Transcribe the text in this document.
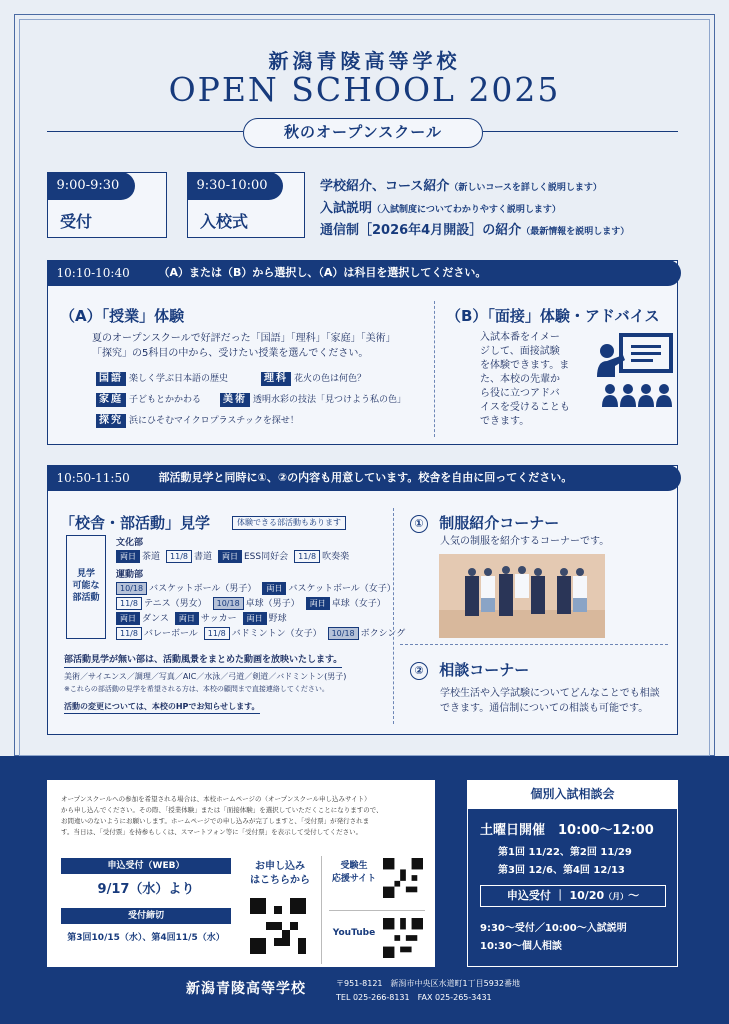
新潟青陵高等学校
OPEN SCHOOL 2025
秋のオープンスクール
9:00-9:30
受付
9:30-10:00
入校式
学校紹介、コース紹介（新しいコースを詳しく説明します）
入試説明（入試制度についてわかりやすく説明します）
通信制［2026年4月開設］の紹介（最新情報を説明します）
10:10-10:40	（A）または（B）から選択し、（A）は科目を選択してください。
（A）「授業」体験
夏のオープンスクールで好評だった「国語」「理科」「家庭」「美術」
「探究」の5科目の中から、受けたい授業を選んでください。
国語 楽しく学ぶ日本語の歴史	理科 花火の色は何色？
家庭 子どもとかかわる	美術 透明水彩の技法「見つけよう私の色」
探究 浜にひそむマイクロプラスチックを探せ！
（B）「面接」体験・アドバイス
入試本番をイメー
ジして、面接試験
を体験できます。ま
た、本校の先輩か
ら役に立つアドバ
イスを受けることも
できます。
10:50-11:50	部活動見学と同時に①、②の内容も用意しています。校舎を自由に回ってください。
「校舎・部活動」見学	体験できる部活動もあります
見学
可能な
部活動
文化部
両日 茶道 11/8 書道 両日 ESS同好会 11/8 吹奏楽
運動部
10/18 バスケットボール（男子） 両日 バスケットボール（女子）
11/8 テニス（男女） 10/18 卓球（男子） 両日 卓球（女子）
両日 ダンス 両日 サッカー 両日 野球
11/8 バレーボール 11/8 バドミントン（女子） 10/18 ボクシング
部活動見学が無い部は、活動風景をまとめた動画を放映いたします。
美術／サイエンス／調理／写真／AIC／水泳／弓道／剣道／バドミントン(男子)
※これらの部活動の見学を希望される方は、本校の顧問まで直接連絡してください。
活動の変更については、本校のHPでお知らせします。
① 制服紹介コーナー
人気の制服を紹介するコーナーです。
② 相談コーナー
学校生活や入学試験についてどんなことでも相談
できます。通信制についての相談も可能です。
オープンスクールへの参加を希望される場合は、本校ホームページの（オープンスクール申し込みサイト）
から申し込んでください。その際、「授業体験」または「面接体験」を選択していただくことになりますので、
お間違いのないようにお願いします。ホームページでの申し込みが完了しますと、「受付票」が発行されま
す。当日は、「受付票」を持参もしくは、スマートフォン等に「受付票」を表示して受付してください。
申込受付（WEB）
9/17（水）より
受付締切
第3回10/15（水）、第4回11/5（水）
お申し込み
はこちらから
受験生
応援サイト
YouTube
個別入試相談会
土曜日開催　10:00～12:00
第1回 11/22、第2回 11/29
第3回 12/6、第4回 12/13
申込受付 ｜ 10/20（月）～
9:30～受付／10:00～入試説明
10:30～個人相談
新潟青陵高等学校	〒951-8121　新潟市中央区水道町1丁目5932番地
TEL 025-266-8131　FAX 025-265-3431
